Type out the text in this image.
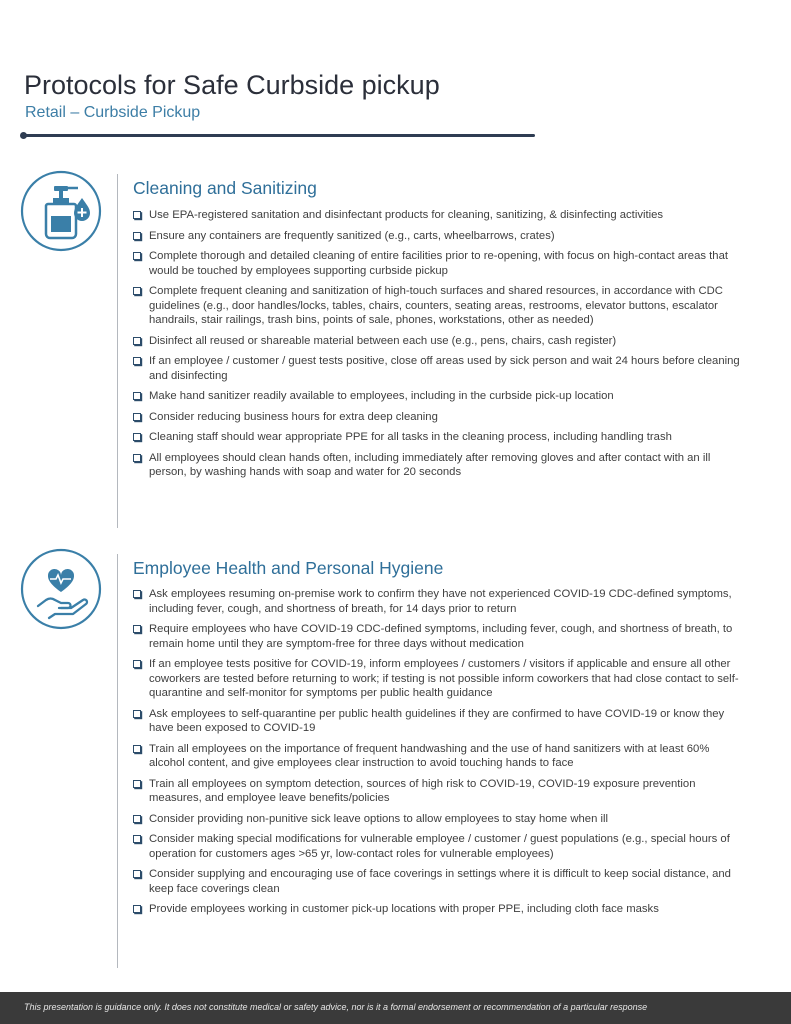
Protocols for Safe Curbside pickup
Retail – Curbside Pickup
Cleaning and Sanitizing
Use EPA-registered sanitation and disinfectant products for cleaning, sanitizing, & disinfecting activities
Ensure any containers are frequently sanitized (e.g., carts, wheelbarrows, crates)
Complete thorough and detailed cleaning of entire facilities prior to re-opening, with focus on high-contact areas that would be touched by employees supporting curbside pickup
Complete frequent cleaning and sanitization of high-touch surfaces and shared resources, in accordance with CDC guidelines (e.g., door handles/locks, tables, chairs, counters, seating areas, restrooms, elevator buttons, escalator handrails, stair railings, trash bins, points of sale, phones, workstations, other as needed)
Disinfect all reused or shareable material between each use (e.g., pens, chairs, cash register)
If an employee / customer / guest tests positive, close off areas used by sick person and wait 24 hours before cleaning and disinfecting
Make hand sanitizer readily available to employees, including in the curbside pick-up location
Consider reducing business hours for extra deep cleaning
Cleaning staff should wear appropriate PPE for all tasks in the cleaning process, including handling trash
All employees should clean hands often, including immediately after removing gloves and after contact with an ill person, by washing hands with soap and water for 20 seconds
Employee Health and Personal Hygiene
Ask employees resuming on-premise work to confirm they have not experienced COVID-19 CDC-defined symptoms, including fever, cough, and shortness of breath, for 14 days prior to return
Require employees who have COVID-19 CDC-defined symptoms, including fever, cough, and shortness of breath, to remain home until they are symptom-free for three days without medication
If an employee tests positive for COVID-19, inform employees / customers / visitors if applicable and ensure all other coworkers are tested before returning to work; if testing is not possible inform coworkers that had close contact to self-quarantine and self-monitor for symptoms per public health guidance
Ask employees to self-quarantine per public health guidelines if they are confirmed to have COVID-19 or know they have been exposed to COVID-19
Train all employees on the importance of frequent handwashing and the use of hand sanitizers with at least 60% alcohol content, and give employees clear instruction to avoid touching hands to face
Train all employees on symptom detection, sources of high risk to COVID-19, COVID-19 exposure prevention measures, and employee leave benefits/policies
Consider providing non-punitive sick leave options to allow employees to stay home when ill
Consider making special modifications for vulnerable employee / customer / guest populations (e.g., special hours of operation for customers ages >65 yr, low-contact roles for vulnerable employees)
Consider supplying and encouraging use of face coverings in settings where it is difficult to keep social distance, and keep face coverings clean
Provide employees working in customer pick-up locations with proper PPE, including cloth face masks
This presentation is guidance only. It does not constitute medical or safety advice, nor is it a formal endorsement or recommendation of a particular response
